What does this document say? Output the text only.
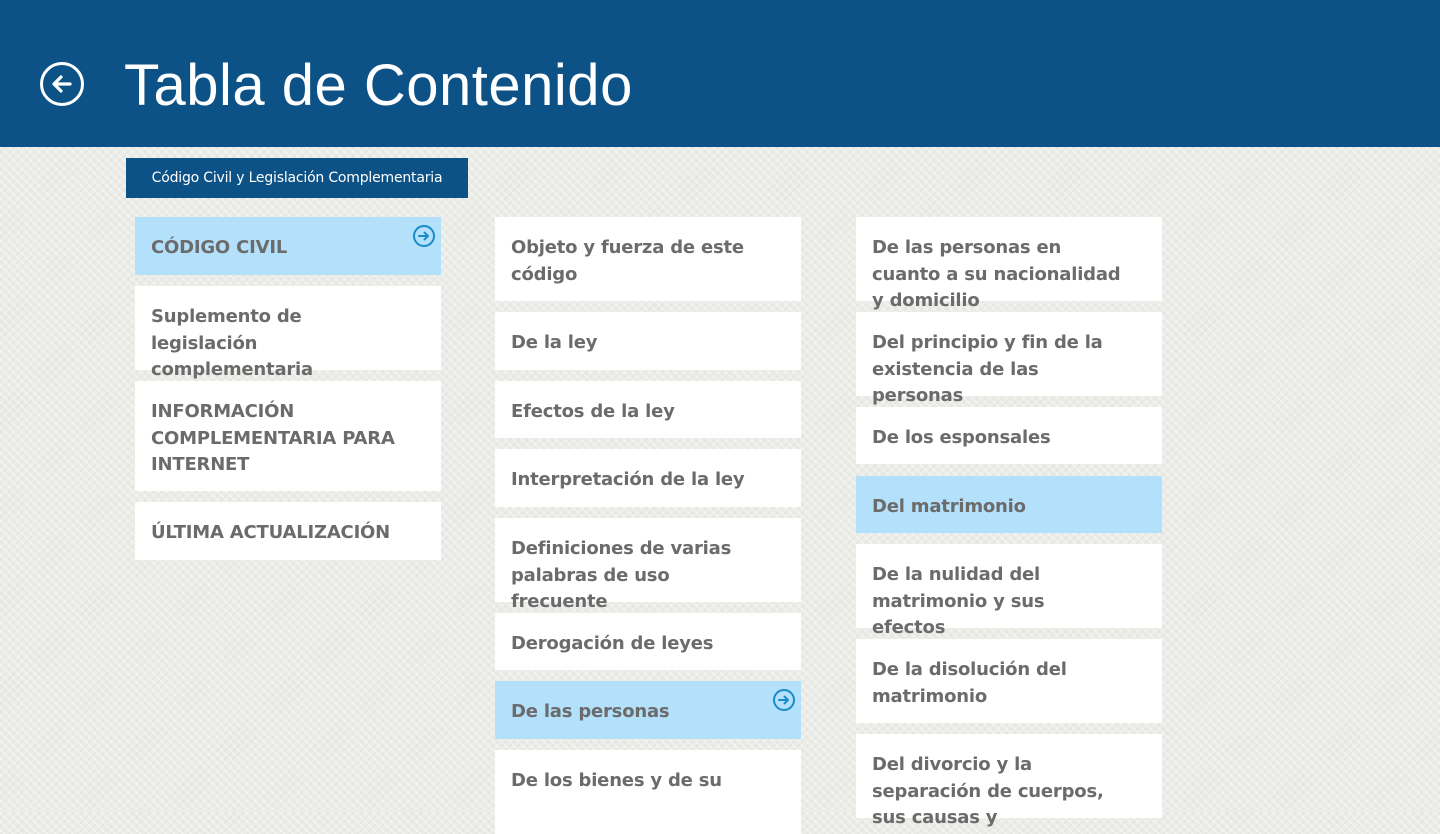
Tabla de Contenido
Código Civil y Legislación Complementaria
CÓDIGO CIVIL
Suplemento de legislación complementaria
INFORMACIÓN COMPLEMENTARIA PARA INTERNET
ÚLTIMA ACTUALIZACIÓN
Objeto y fuerza de este código
De la ley
Efectos de la ley
Interpretación de la ley
Definiciones de varias palabras de uso frecuente
Derogación de leyes
De las personas
De los bienes y de su
De las personas en cuanto a su nacionalidad y domicilio
Del principio y fin de la existencia de las personas
De los esponsales
Del matrimonio
De la nulidad del matrimonio y sus efectos
De la disolución del matrimonio
Del divorcio y la separación de cuerpos, sus causas y
